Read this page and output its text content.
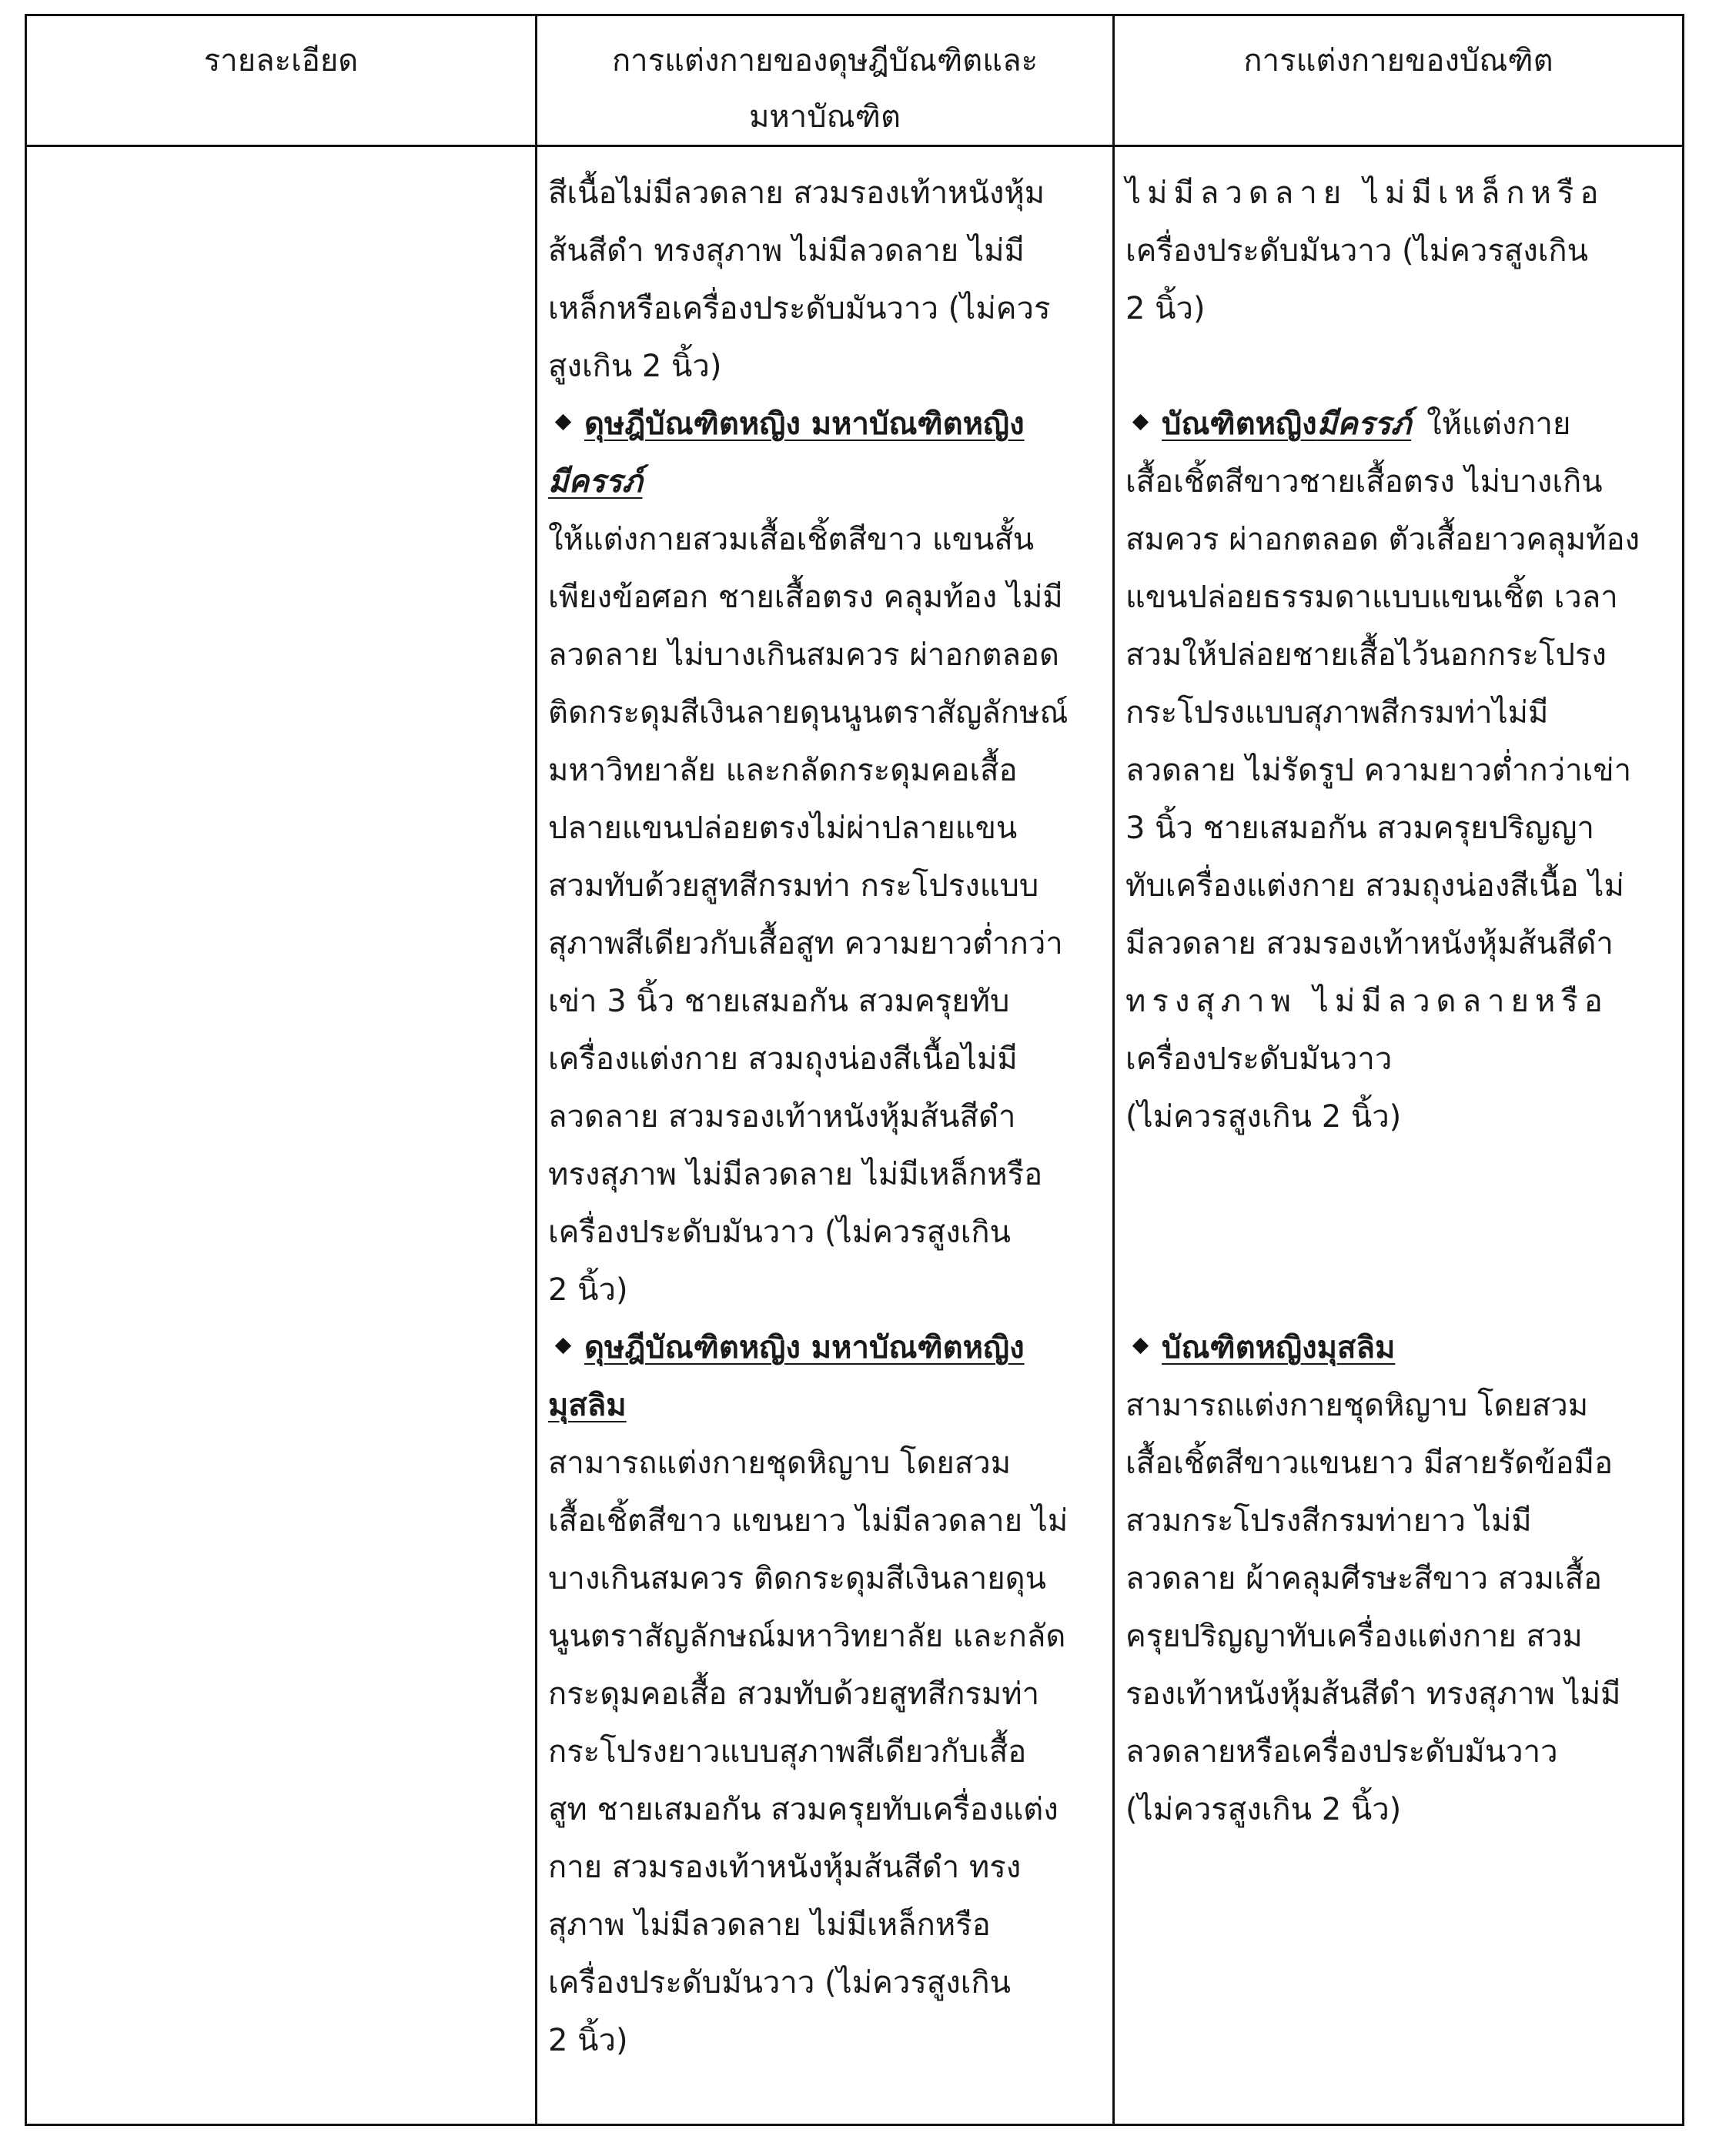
รายละเอียด	การแต่งกายของดุษฎีบัณฑิตและ
มหาบัณฑิต
การแต่งกายของบัณฑิต
สีเนื้อไม่มีลวดลาย สวมรองเท้าหนังหุ้ม
ส้นสีดำ ทรงสุภาพ ไม่มีลวดลาย ไม่มี
เหล็กหรือเครื่องประดับมันวาว (ไม่ควร
สูงเกิน 2 นิ้ว)
ดุษฎีบัณฑิตหญิง มหาบัณฑิตหญิง
มีครรภ์
ให้แต่งกายสวมเสื้อเชิ้ตสีขาว แขนสั้น
เพียงข้อศอก ชายเสื้อตรง คลุมท้อง ไม่มี
ลวดลาย ไม่บางเกินสมควร ผ่าอกตลอด
ติดกระดุมสีเงินลายดุนนูนตราสัญลักษณ์
มหาวิทยาลัย และกลัดกระดุมคอเสื้อ
ปลายแขนปล่อยตรงไม่ผ่าปลายแขน
สวมทับด้วยสูทสีกรมท่า กระโปรงแบบ
สุภาพสีเดียวกับเสื้อสูท ความยาวต่ำกว่า
เข่า 3 นิ้ว ชายเสมอกัน สวมครุยทับ
เครื่องแต่งกาย สวมถุงน่องสีเนื้อไม่มี
ลวดลาย สวมรองเท้าหนังหุ้มส้นสีดำ
ทรงสุภาพ ไม่มีลวดลาย ไม่มีเหล็กหรือ
เครื่องประดับมันวาว (ไม่ควรสูงเกิน
2 นิ้ว)
ดุษฎีบัณฑิตหญิง มหาบัณฑิตหญิง
มุสลิม
สามารถแต่งกายชุดหิญาบ โดยสวม
เสื้อเชิ้ตสีขาว แขนยาว ไม่มีลวดลาย ไม่
บางเกินสมควร ติดกระดุมสีเงินลายดุน
นูนตราสัญลักษณ์มหาวิทยาลัย และกลัด
กระดุมคอเสื้อ สวมทับด้วยสูทสีกรมท่า
กระโปรงยาวแบบสุภาพสีเดียวกับเสื้อ
สูท ชายเสมอกัน สวมครุยทับเครื่องแต่ง
กาย สวมรองเท้าหนังหุ้มส้นสีดำ ทรง
สุภาพ ไม่มีลวดลาย ไม่มีเหล็กหรือ
เครื่องประดับมันวาว (ไม่ควรสูงเกิน
2 นิ้ว)
ไม่มีลวดลาย ไม่มีเหล็กหรือ
เครื่องประดับมันวาว (ไม่ควรสูงเกิน
2 นิ้ว)
บัณฑิตหญิงมีครรภ์ ให้แต่งกาย
เสื้อเชิ้ตสีขาวชายเสื้อตรง ไม่บางเกิน
สมควร ผ่าอกตลอด ตัวเสื้อยาวคลุมท้อง
แขนปล่อยธรรมดาแบบแขนเชิ้ต เวลา
สวมให้ปล่อยชายเสื้อไว้นอกกระโปรง
กระโปรงแบบสุภาพสีกรมท่าไม่มี
ลวดลาย ไม่รัดรูป ความยาวต่ำกว่าเข่า
3 นิ้ว ชายเสมอกัน สวมครุยปริญญา
ทับเครื่องแต่งกาย สวมถุงน่องสีเนื้อ ไม่
มีลวดลาย สวมรองเท้าหนังหุ้มส้นสีดำ
ทรงสุภาพ ไม่มีลวดลายหรือ
เครื่องประดับมันวาว
(ไม่ควรสูงเกิน 2 นิ้ว)
บัณฑิตหญิงมุสลิม
สามารถแต่งกายชุดหิญาบ โดยสวม
เสื้อเชิ้ตสีขาวแขนยาว มีสายรัดข้อมือ
สวมกระโปรงสีกรมท่ายาว ไม่มี
ลวดลาย ผ้าคลุมศีรษะสีขาว สวมเสื้อ
ครุยปริญญาทับเครื่องแต่งกาย สวม
รองเท้าหนังหุ้มส้นสีดำ ทรงสุภาพ ไม่มี
ลวดลายหรือเครื่องประดับมันวาว
(ไม่ควรสูงเกิน 2 นิ้ว)
